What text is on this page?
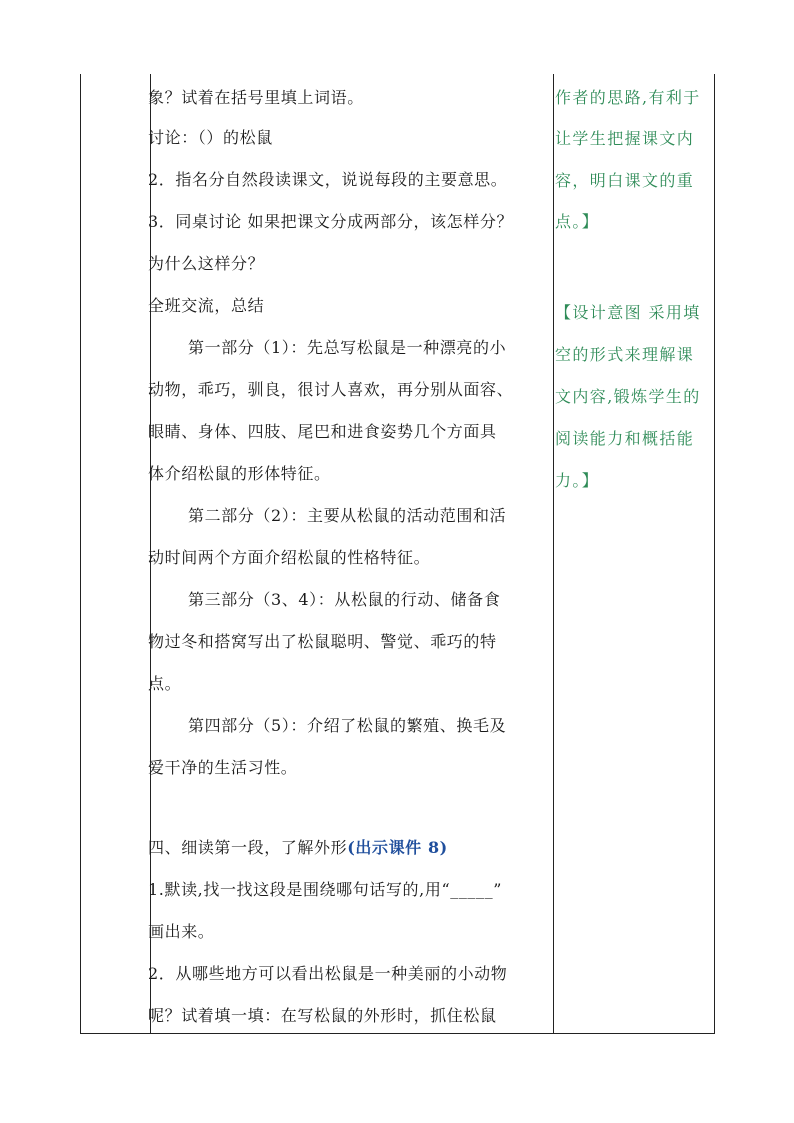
象？试着在括号里填上词语。
讨论：（）的松鼠
2．指名分自然段读课文，说说每段的主要意思。
3．同桌讨论 如果把课文分成两部分，该怎样分？
为什么这样分？
全班交流，总结
第一部分（1）：先总写松鼠是一种漂亮的小
动物，乖巧，驯良，很讨人喜欢，再分别从面容、
眼睛、身体、四肢、尾巴和进食姿势几个方面具
体介绍松鼠的形体特征。
第二部分（2）：主要从松鼠的活动范围和活
动时间两个方面介绍松鼠的性格特征。
第三部分（3、4）：从松鼠的行动、储备食
物过冬和搭窝写出了松鼠聪明、警觉、乖巧的特
点。
第四部分（5）：介绍了松鼠的繁殖、换毛及
爱干净的生活习性。
四、细读第一段，了解外形(出示课件 8)
1.默读,找一找这段是围绕哪句话写的,用“_____”
画出来。
2．从哪些地方可以看出松鼠是一种美丽的小动物
呢？试着填一填：在写松鼠的外形时，抓住松鼠
作者的思路,有利于
让学生把握课文内
容，明白课文的重
点。】
【设计意图 采用填
空的形式来理解课
文内容,锻炼学生的
阅读能力和概括能
力。】
